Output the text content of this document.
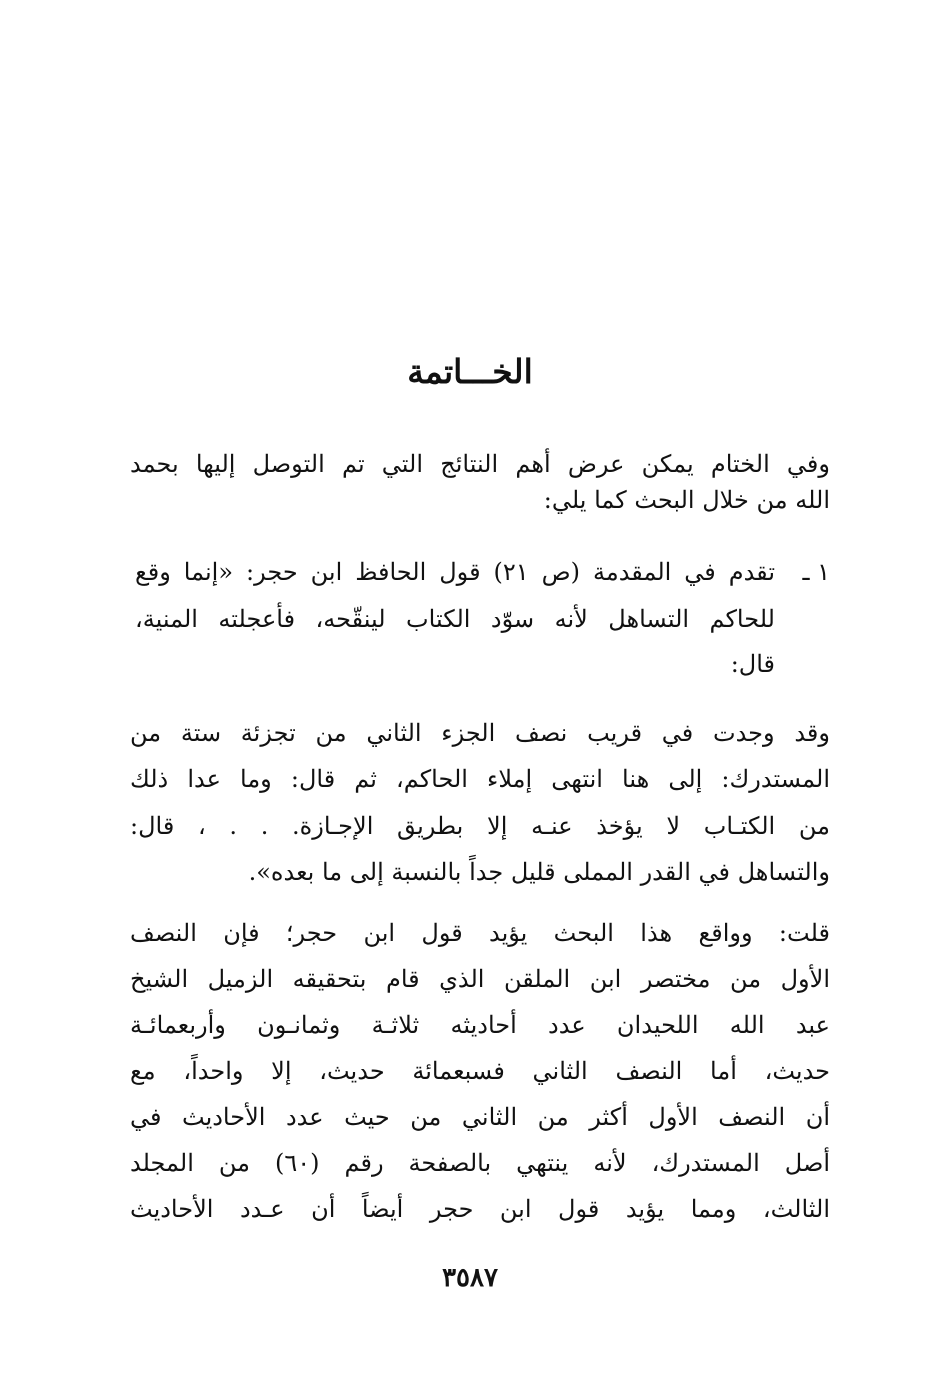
الخـــاتمة
وفي الختام يمكن عرض أهم النتائج التي تم التوصل إليها بحمد
الله من خلال البحث كما يلي:
١ ـ
تقدم في المقدمة (ص ٢١) قول الحافظ ابن حجر: «إنما وقع
للحاكم التساهل لأنه سوّد الكتاب لينقّحه، فأعجلته المنية،
قال:
وقد وجدت في قريب نصف الجزء الثاني من تجزئة ستة من
المستدرك: إلى هنا انتهى إملاء الحاكم، ثم قال: وما عدا ذلك
من الكتـاب لا يؤخذ عنـه إلا بطريق الإجـازة. . . ، قال:
والتساهل في القدر المملى قليل جداً بالنسبة إلى ما بعده».
قلت: وواقع هذا البحث يؤيد قول ابن حجر؛ فإن النصف
الأول من مختصر ابن الملقن الذي قام بتحقيقه الزميل الشيخ
عبد الله اللحيدان عدد أحاديثه ثلاثـة وثمانـون وأربعمائـة
حديث، أما النصف الثاني فسبعمائة حديث، إلا واحداً، مع
أن النصف الأول أكثر من الثاني من حيث عدد الأحاديث في
أصل المستدرك، لأنه ينتهي بالصفحة رقم (٦٠) من المجلد
الثالث، ومما يؤيد قول ابن حجر أيضاً أن عـدد الأحاديث
٣٥٨٧
